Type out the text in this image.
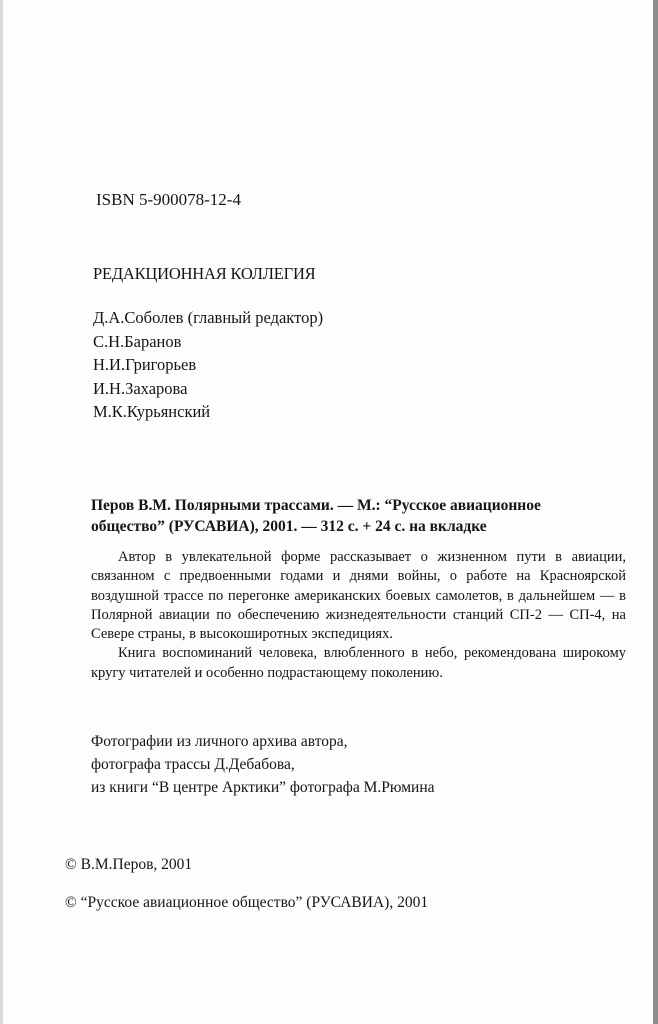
ISBN 5-900078-12-4
РЕДАКЦИОННАЯ КОЛЛЕГИЯ
Д.А.Соболев (главный редактор)
С.Н.Баранов
Н.И.Григорьев
И.Н.Захарова
М.К.Курьянский
Перов В.М. Полярными трассами. — М.: “Русское авиационное
общество” (РУСАВИА), 2001. — 312 с. + 24 с. на вкладке

Автор в увлекательной форме рассказывает о жизненном пути в авиации, связанном с предвоенными годами и днями войны, о работе на Красноярской воздушной трассе по перегонке американских боевых самолетов, в дальнейшем — в Полярной авиации по обеспечению жизнедеятельности станций СП-2 — СП-4, на Севере страны, в высокоширотных экспедициях.

Книга воспоминаний человека, влюбленного в небо, рекомендована широкому кругу читателей и особенно подрастающему поколению.

Фотографии из личного архива автора,
фотографа трассы Д.Дебабова,
из книги “В центре Арктики” фотографа М.Рюмина
© В.М.Перов, 2001
© “Русское авиационное общество” (РУСАВИА), 2001
